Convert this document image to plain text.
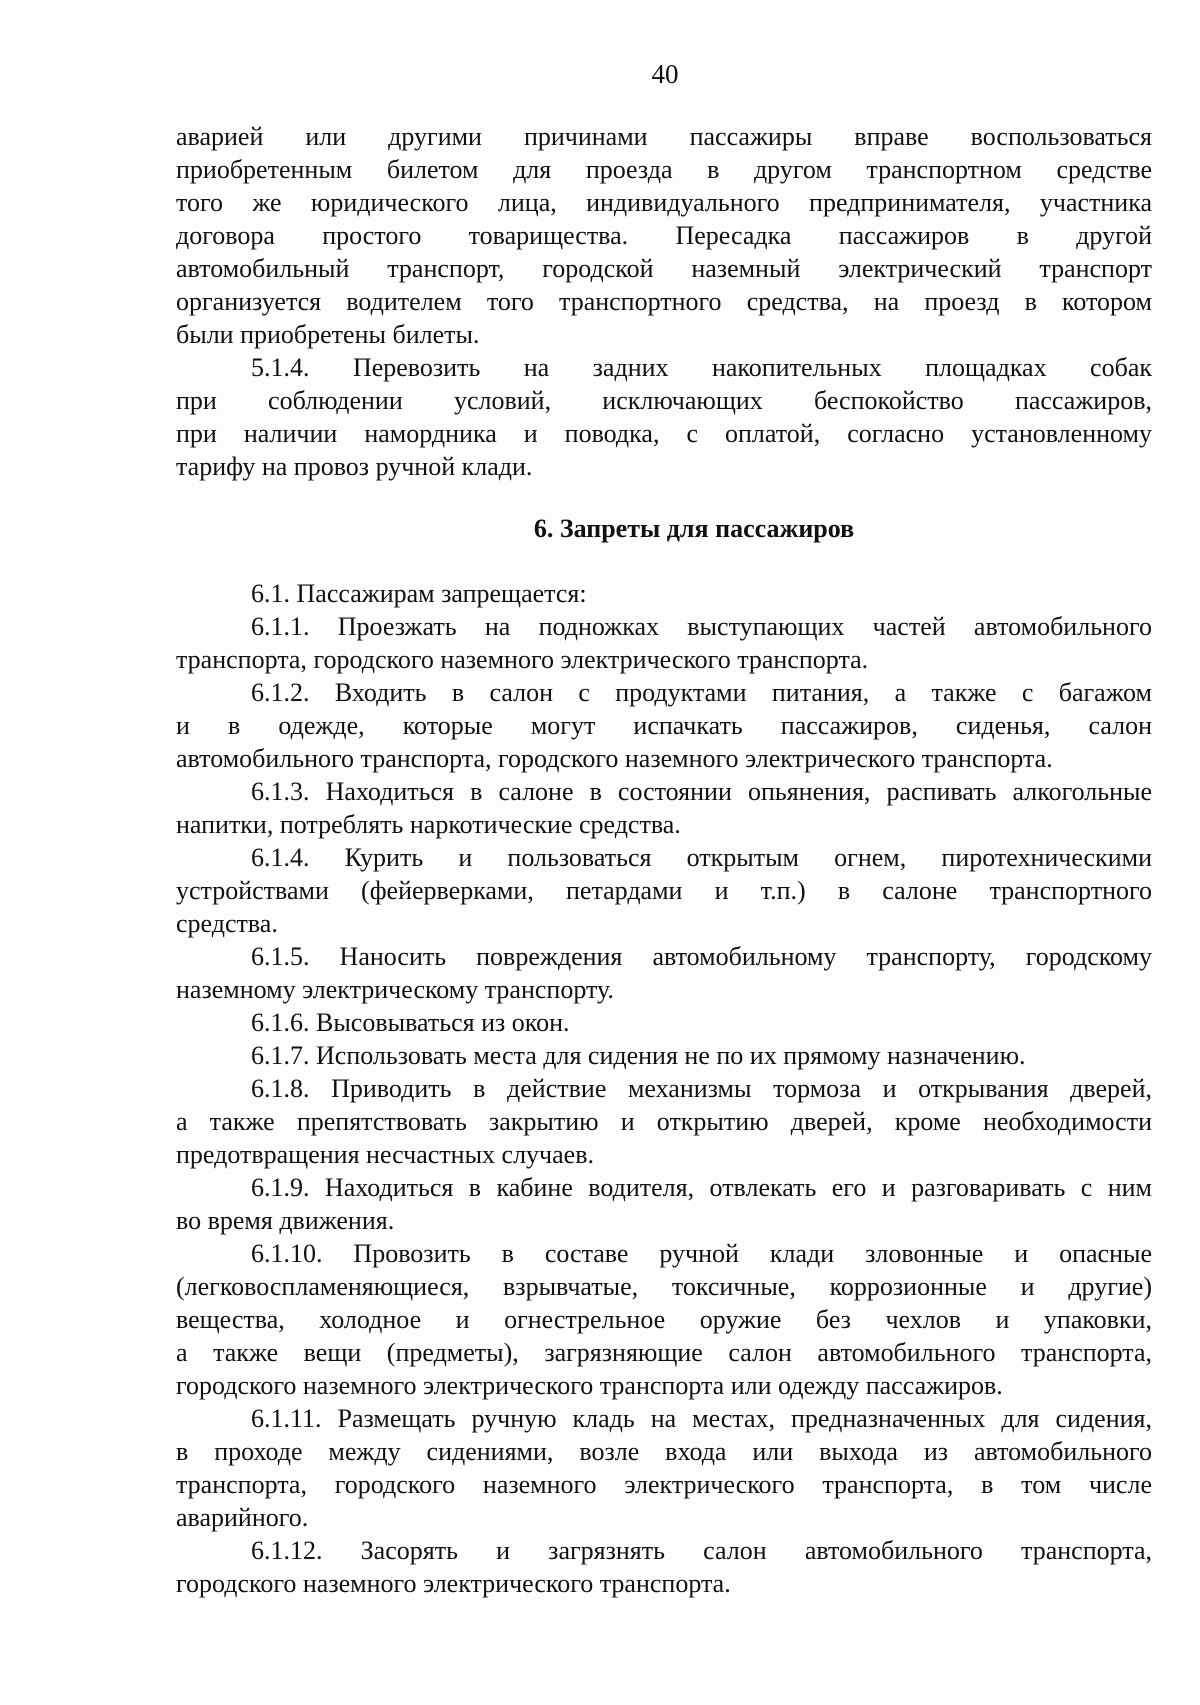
40
аварией или другими причинами пассажиры вправе воспользоваться
приобретенным билетом для проезда в другом транспортном средстве
того же юридического лица, индивидуального предпринимателя, участника
договора простого товарищества. Пересадка пассажиров в другой
автомобильный транспорт, городской наземный электрический транспорт
организуется водителем того транспортного средства, на проезд в котором
были приобретены билеты.
5.1.4. Перевозить на задних накопительных площадках собак
при соблюдении условий, исключающих беспокойство пассажиров,
при наличии намордника и поводка, с оплатой, согласно установленному
тарифу на провоз ручной клади.
6. Запреты для пассажиров
6.1. Пассажирам запрещается:
6.1.1. Проезжать на подножках выступающих частей автомобильного
транспорта, городского наземного электрического транспорта.
6.1.2. Входить в салон с продуктами питания, а также с багажом
и в одежде, которые могут испачкать пассажиров, сиденья, салон
автомобильного транспорта, городского наземного электрического транспорта.
6.1.3. Находиться в салоне в состоянии опьянения, распивать алкогольные
напитки, потреблять наркотические средства.
6.1.4. Курить и пользоваться открытым огнем, пиротехническими
устройствами (фейерверками, петардами и т.п.) в салоне транспортного
средства.
6.1.5. Наносить повреждения автомобильному транспорту, городскому
наземному электрическому транспорту.
6.1.6. Высовываться из окон.
6.1.7. Использовать места для сидения не по их прямому назначению.
6.1.8. Приводить в действие механизмы тормоза и открывания дверей,
а также препятствовать закрытию и открытию дверей, кроме необходимости
предотвращения несчастных случаев.
6.1.9. Находиться в кабине водителя, отвлекать его и разговаривать с ним
во время движения.
6.1.10. Провозить в составе ручной клади зловонные и опасные
(легковоспламеняющиеся, взрывчатые, токсичные, коррозионные и другие)
вещества, холодное и огнестрельное оружие без чехлов и упаковки,
а также вещи (предметы), загрязняющие салон автомобильного транспорта,
городского наземного электрического транспорта или одежду пассажиров.
6.1.11. Размещать ручную кладь на местах, предназначенных для сидения,
в проходе между сидениями, возле входа или выхода из автомобильного
транспорта, городского наземного электрического транспорта, в том числе
аварийного.
6.1.12. Засорять и загрязнять салон автомобильного транспорта,
городского наземного электрического транспорта.
